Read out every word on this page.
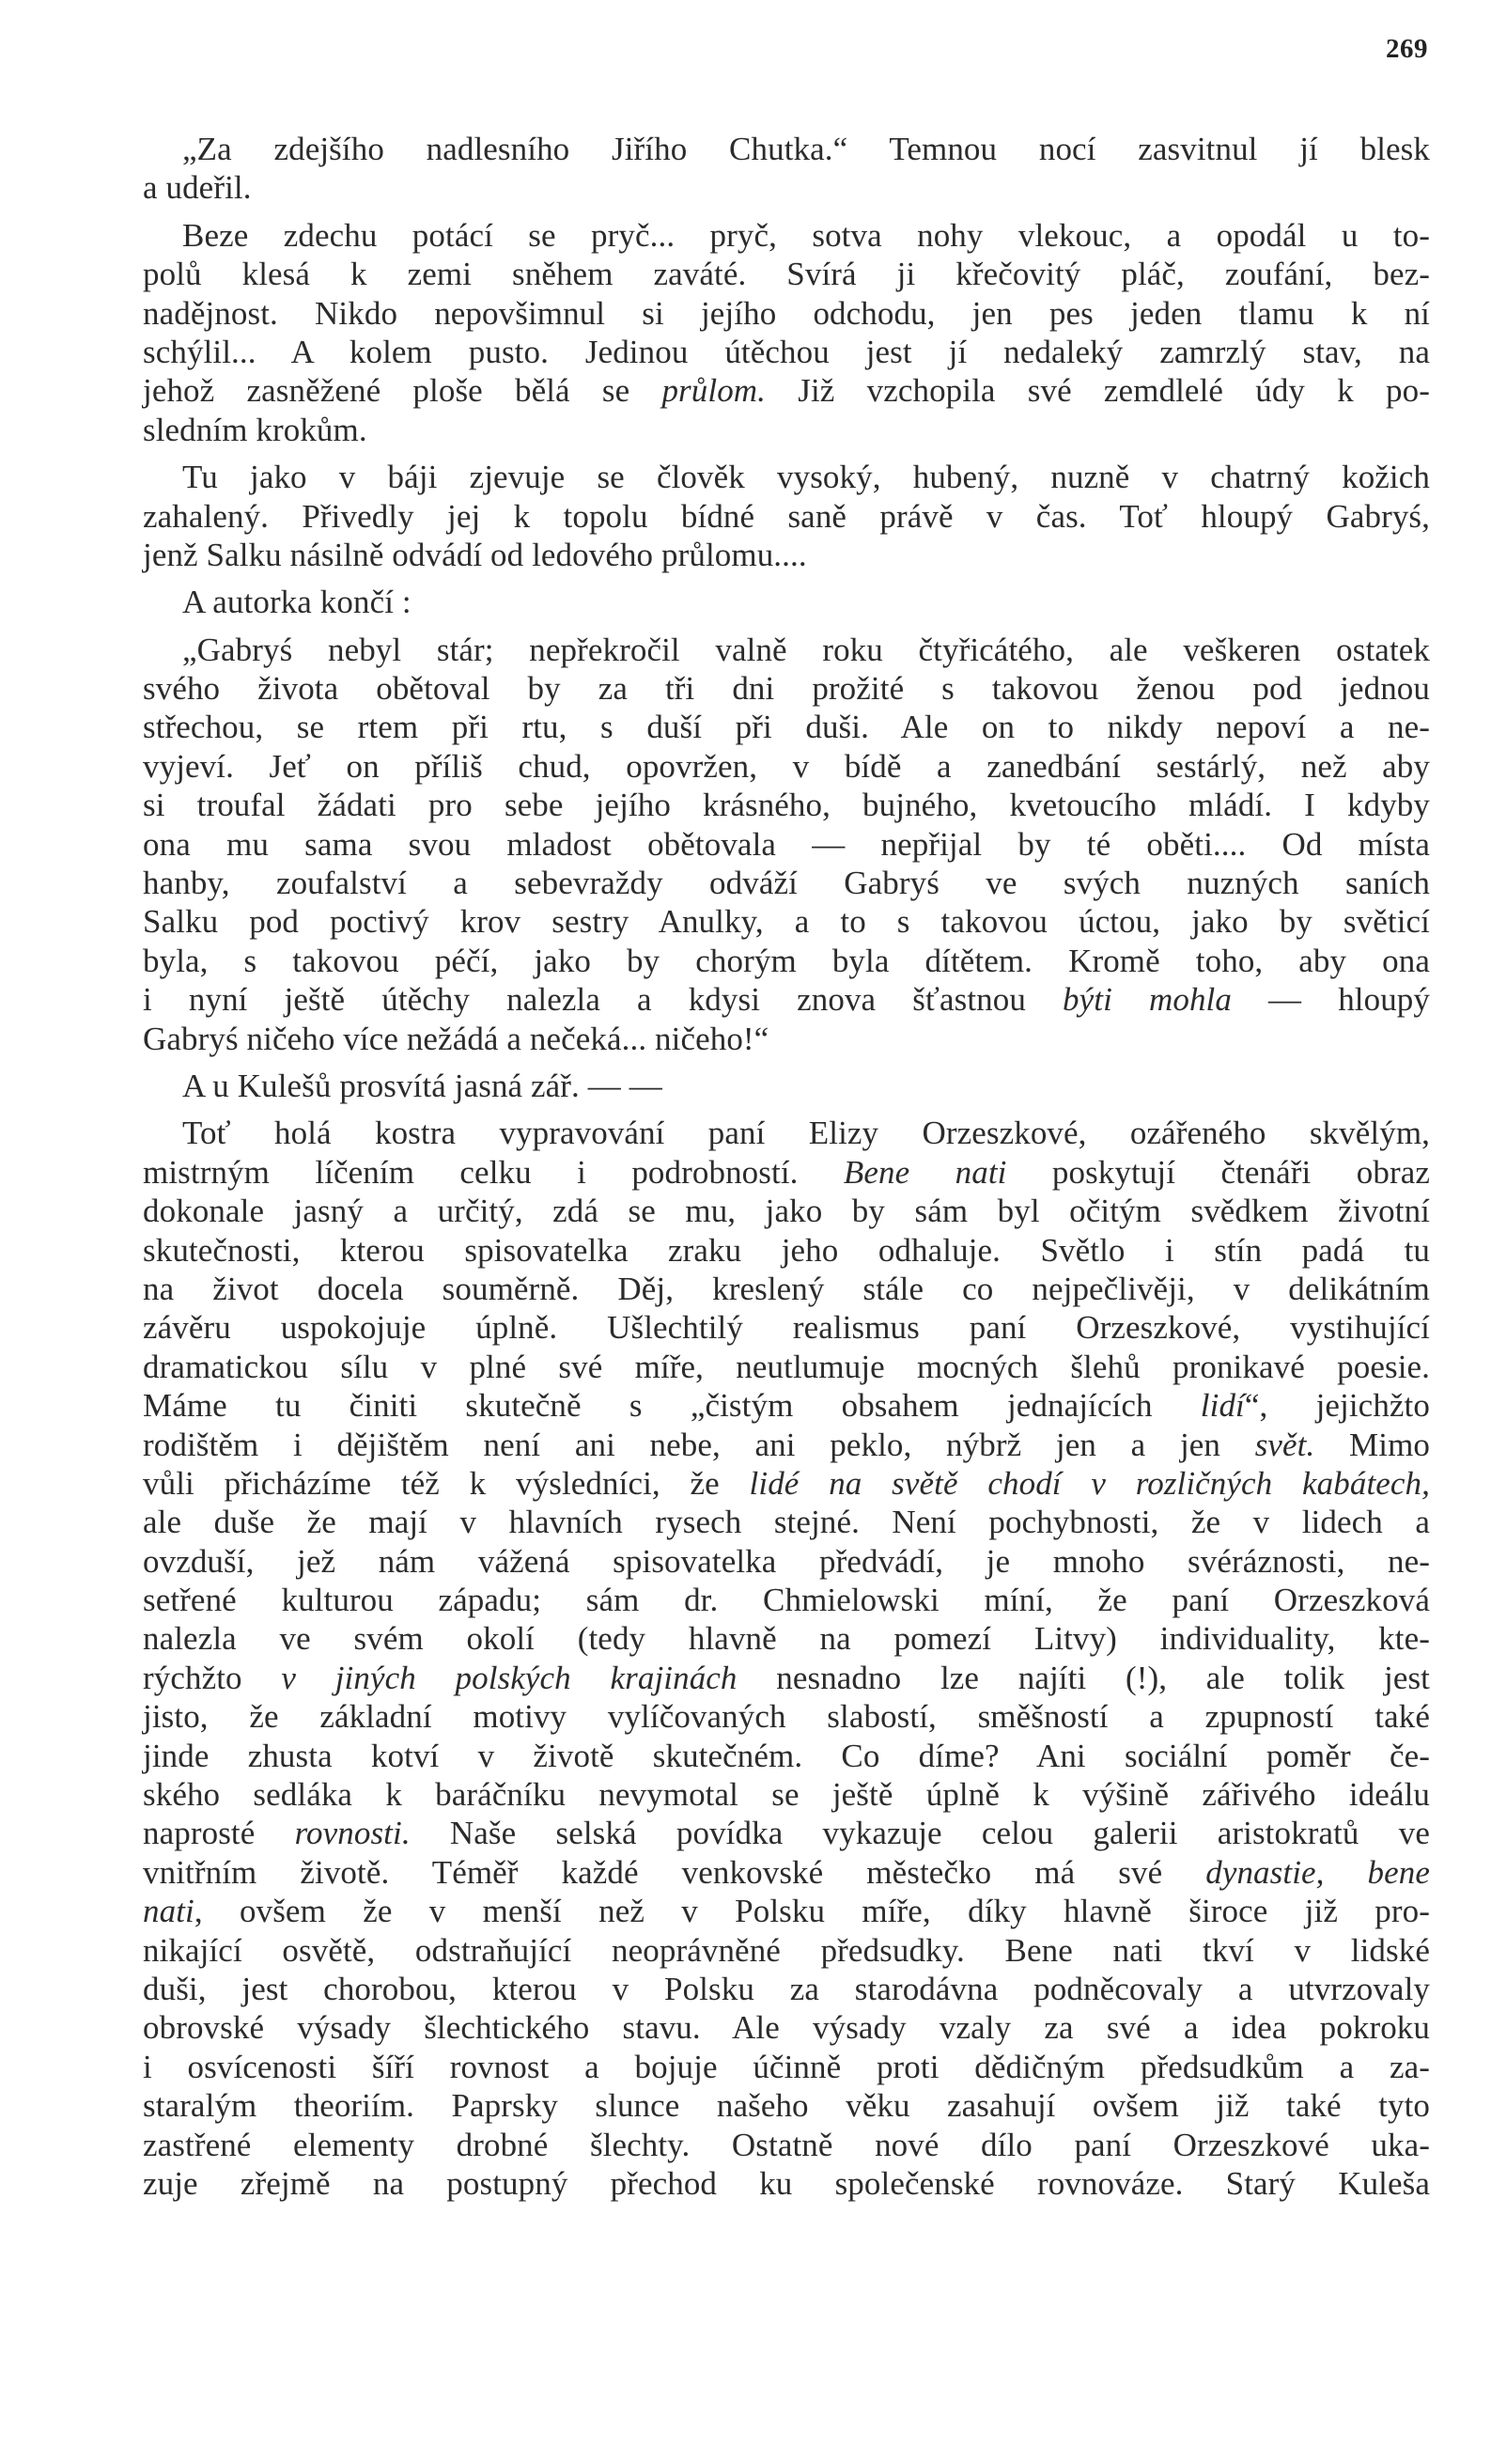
269
„Za zdejšího nadlesního Jiřího Chutka.“ Temnou nocí zasvitnul jí blesk
a udeřil.
Beze zdechu potácí se pryč... pryč, sotva nohy vlekouc, a opodál u to-
polů klesá k zemi sněhem zaváté. Svírá ji křečovitý pláč, zoufání, bez-
nadějnost. Nikdo nepovšimnul si jejího odchodu, jen pes jeden tlamu k ní
schýlil... A kolem pusto. Jedinou útěchou jest jí nedaleký zamrzlý stav, na
jehož zasněžené ploše bělá se průlom. Již vzchopila své zemdlelé údy k po-
sledním krokům.
Tu jako v báji zjevuje se člověk vysoký, hubený, nuzně v chatrný kožich
zahalený. Přivedly jej k topolu bídné saně právě v čas. Toť hloupý Gabryś,
jenž Salku násilně odvádí od ledového průlomu....
A autorka končí :
„Gabryś nebyl stár; nepřekročil valně roku čtyřicátého, ale veškeren ostatek
svého života obětoval by za tři dni prožité s takovou ženou pod jednou
střechou, se rtem při rtu, s duší při duši. Ale on to nikdy nepoví a ne-
vyjeví. Jeť on příliš chud, opovržen, v bídě a zanedbání sestárlý, než aby
si troufal žádati pro sebe jejího krásného, bujného, kvetoucího mládí. I kdyby
ona mu sama svou mladost obětovala — nepřijal by té oběti.... Od místa
hanby, zoufalství a sebevraždy odváží Gabryś ve svých nuzných saních
Salku pod poctivý krov sestry Anulky, a to s takovou úctou, jako by světicí
byla, s takovou péčí, jako by chorým byla dítětem. Kromě toho, aby ona
i nyní ještě útěchy nalezla a kdysi znova šťastnou býti mohla — hloupý
Gabryś ničeho více nežádá a nečeká... ničeho!“
A u Kulešů prosvítá jasná zář. — —
Toť holá kostra vypravování paní Elizy Orzeszkové, ozářeného skvělým,
mistrným líčením celku i podrobností. Bene nati poskytují čtenáři obraz
dokonale jasný a určitý, zdá se mu, jako by sám byl očitým svědkem životní
skutečnosti, kterou spisovatelka zraku jeho odhaluje. Světlo i stín padá tu
na život docela souměrně. Děj, kreslený stále co nejpečlivěji, v delikátním
závěru uspokojuje úplně. Ušlechtilý realismus paní Orzeszkové, vystihující
dramatickou sílu v plné své míře, neutlumuje mocných šlehů pronikavé poesie.
Máme tu činiti skutečně s „čistým obsahem jednajících lidí“, jejichžto
rodištěm i dějištěm není ani nebe, ani peklo, nýbrž jen a jen svět. Mimo
vůli přicházíme též k výsledníci, že lidé na světě chodí v rozličných kabátech,
ale duše že mají v hlavních rysech stejné. Není pochybnosti, že v lidech a
ovzduší, jež nám vážená spisovatelka předvádí, je mnoho svéráznosti, ne-
setřené kulturou západu; sám dr. Chmielowski míní, že paní Orzeszková
nalezla ve svém okolí (tedy hlavně na pomezí Litvy) individuality, kte-
rýchžto v jiných polských krajinách nesnadno lze najíti (!), ale tolik jest
jisto, že základní motivy vylíčovaných slabostí, směšností a zpupností také
jinde zhusta kotví v životě skutečném. Co díme? Ani sociální poměr če-
ského sedláka k baráčníku nevymotal se ještě úplně k výšině zářivého ideálu
naprosté rovnosti. Naše selská povídka vykazuje celou galerii aristokratů ve
vnitřním životě. Téměř každé venkovské městečko má své dynastie, bene
nati, ovšem že v menší než v Polsku míře, díky hlavně široce již pro-
nikající osvětě, odstraňující neoprávněné předsudky. Bene nati tkví v lidské
duši, jest chorobou, kterou v Polsku za starodávna podněcovaly a utvrzovaly
obrovské výsady šlechtického stavu. Ale výsady vzaly za své a idea pokroku
i osvícenosti šíří rovnost a bojuje účinně proti dědičným předsudkům a za-
staralým theoriím. Paprsky slunce našeho věku zasahují ovšem již také tyto
zastřené elementy drobné šlechty. Ostatně nové dílo paní Orzeszkové uka-
zuje zřejmě na postupný přechod ku společenské rovnováze. Starý Kuleša
